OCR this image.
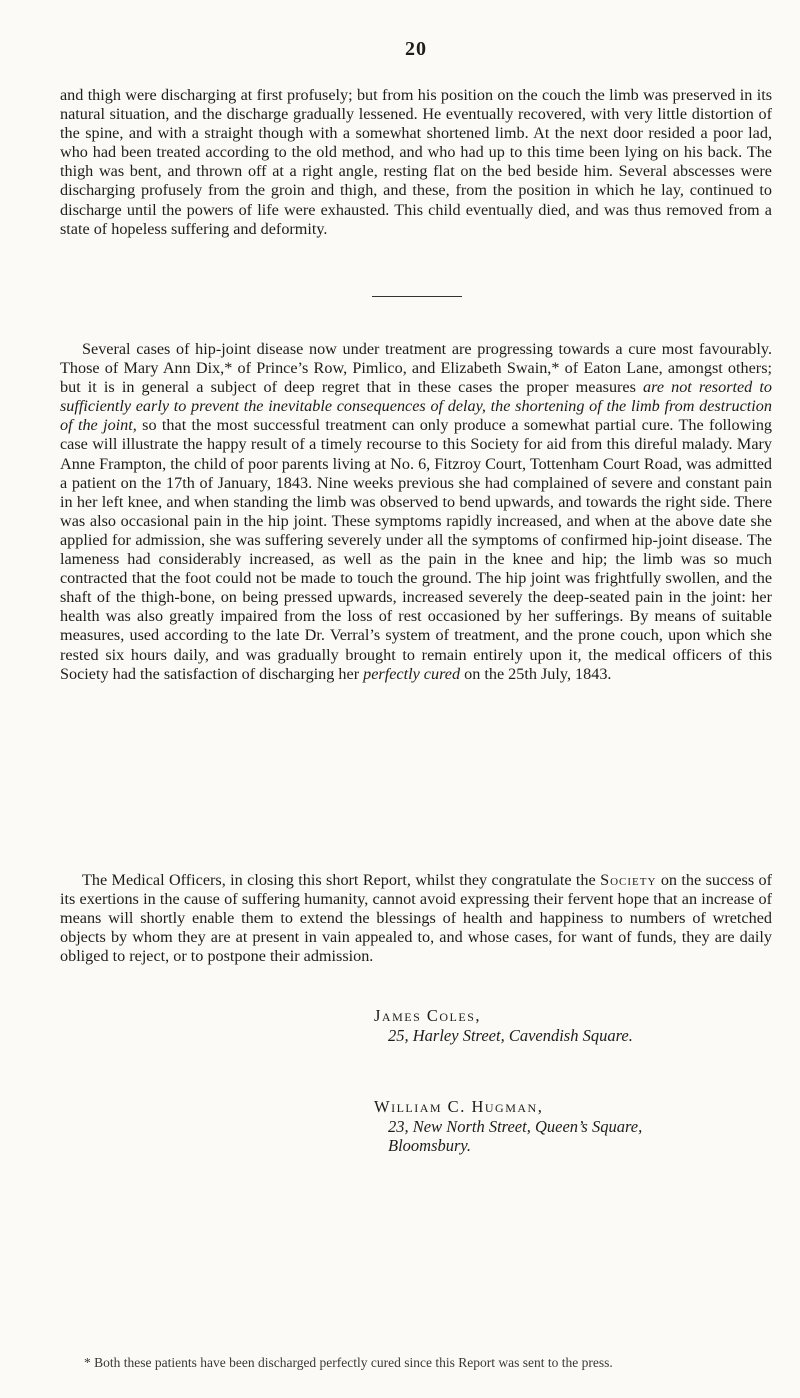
20

and thigh were discharging at first profusely; but from his position on the couch the limb was preserved in its natural situation, and the discharge gradually lessened. He eventually recovered, with very little distortion of the spine, and with a straight though with a somewhat shortened limb. At the next door resided a poor lad, who had been treated according to the old method, and who had up to this time been lying on his back. The thigh was bent, and thrown off at a right angle, resting flat on the bed beside him. Several abscesses were discharging profusely from the groin and thigh, and these, from the position in which he lay, continued to discharge until the powers of life were exhausted. This child eventually died, and was thus removed from a state of hopeless suffering and deformity.

Several cases of hip-joint disease now under treatment are progressing towards a cure most favourably. Those of Mary Ann Dix,* of Prince’s Row, Pimlico, and Elizabeth Swain,* of Eaton Lane, amongst others; but it is in general a subject of deep regret that in these cases the proper measures are not resorted to sufficiently early to prevent the inevitable consequences of delay, the shortening of the limb from destruction of the joint, so that the most successful treatment can only produce a somewhat partial cure. The following case will illustrate the happy result of a timely recourse to this Society for aid from this direful malady. Mary Anne Frampton, the child of poor parents living at No. 6, Fitzroy Court, Tottenham Court Road, was admitted a patient on the 17th of January, 1843. Nine weeks previous she had complained of severe and constant pain in her left knee, and when standing the limb was observed to bend upwards, and towards the right side. There was also occasional pain in the hip joint. These symptoms rapidly increased, and when at the above date she applied for admission, she was suffering severely under all the symptoms of confirmed hip-joint disease. The lameness had considerably increased, as well as the pain in the knee and hip; the limb was so much contracted that the foot could not be made to touch the ground. The hip joint was frightfully swollen, and the shaft of the thigh-bone, on being pressed upwards, increased severely the deep-seated pain in the joint: her health was also greatly impaired from the loss of rest occasioned by her sufferings. By means of suitable measures, used according to the late Dr. Verral’s system of treatment, and the prone couch, upon which she rested six hours daily, and was gradually brought to remain entirely upon it, the medical officers of this Society had the satisfaction of discharging her perfectly cured on the 25th July, 1843.

The Medical Officers, in closing this short Report, whilst they congratulate the Society on the success of its exertions in the cause of suffering humanity, cannot avoid expressing their fervent hope that an increase of means will shortly enable them to extend the blessings of health and happiness to numbers of wretched objects by whom they are at present in vain appealed to, and whose cases, for want of funds, they are daily obliged to reject, or to postpone their admission.

James Coles,
25, Harley Street, Cavendish Square.
William C. Hugman,
23, New North Street, Queen’s Square,
Bloomsbury.
* Both these patients have been discharged perfectly cured since this Report was sent to the press.
